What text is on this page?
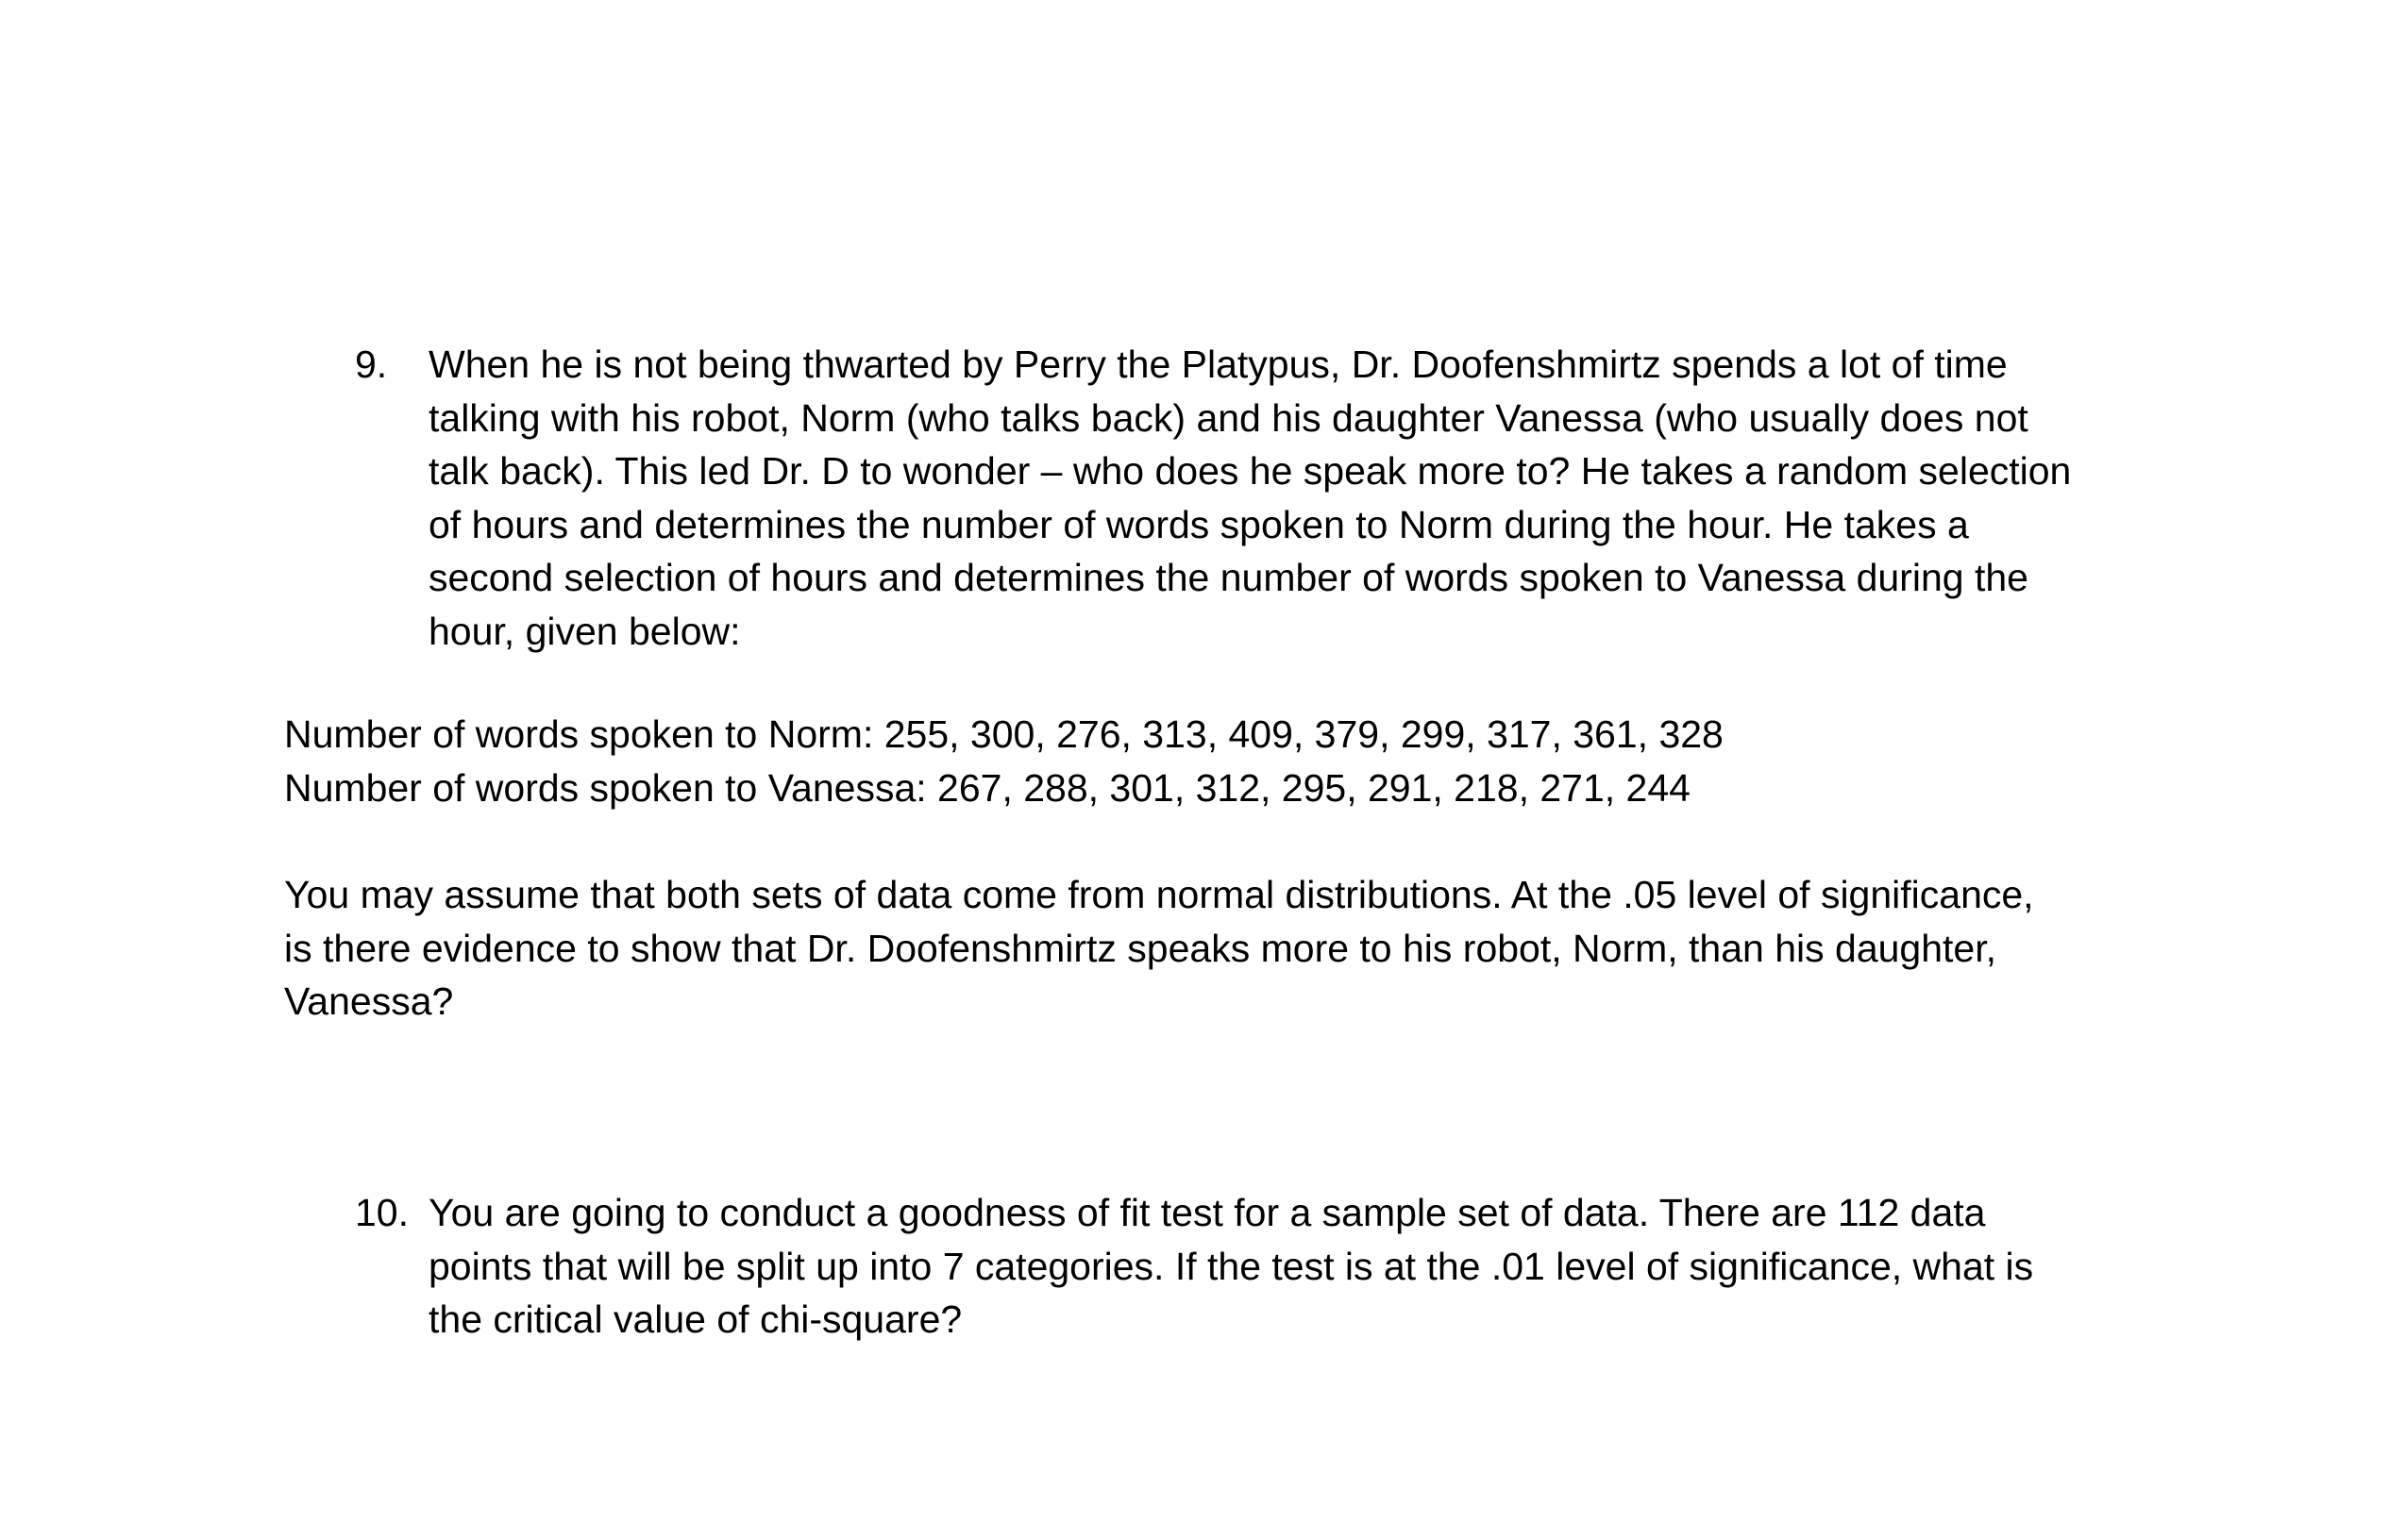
9.	When he is not being thwarted by Perry the Platypus, Dr. Doofenshmirtz spends a lot of time
talking with his robot, Norm (who talks back) and his daughter Vanessa (who usually does not
talk back). This led Dr. D to wonder – who does he speak more to? He takes a random selection
of hours and determines the number of words spoken to Norm during the hour. He takes a
second selection of hours and determines the number of words spoken to Vanessa during the
hour, given below:
Number of words spoken to Norm: 255, 300, 276, 313, 409, 379, 299, 317, 361, 328
Number of words spoken to Vanessa: 267, 288, 301, 312, 295, 291, 218, 271, 244
You may assume that both sets of data come from normal distributions. At the .05 level of significance,
is there evidence to show that Dr. Doofenshmirtz speaks more to his robot, Norm, than his daughter,
Vanessa?
10. You are going to conduct a goodness of fit test for a sample set of data. There are 112 data
points that will be split up into 7 categories. If the test is at the .01 level of significance, what is
the critical value of chi-square?
